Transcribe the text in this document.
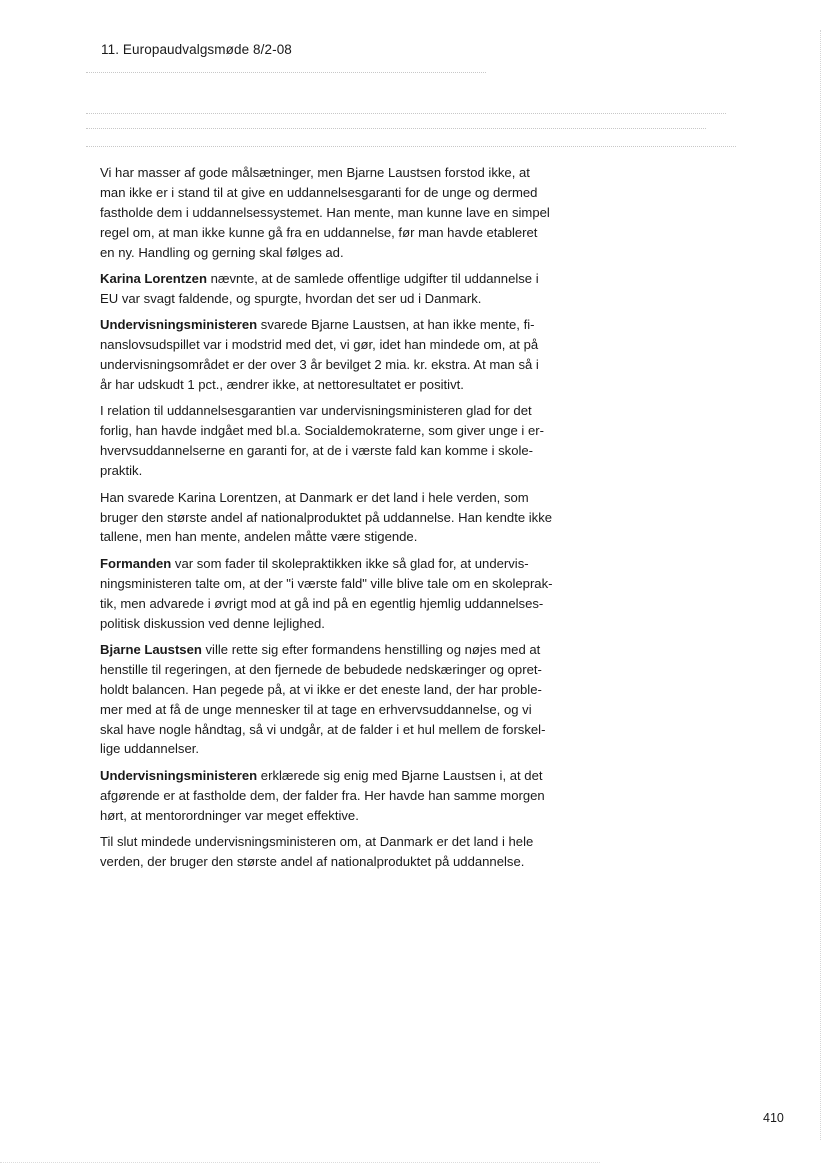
11. Europaudvalgsmøde 8/2-08

Vi har masser af gode målsætninger, men Bjarne Laustsen forstod ikke, at
man ikke er i stand til at give en uddannelsesgaranti for de unge og dermed
fastholde dem i uddannelsessystemet. Han mente, man kunne lave en simpel
regel om, at man ikke kunne gå fra en uddannelse, før man havde etableret
en ny. Handling og gerning skal følges ad.

Karina Lorentzen nævnte, at de samlede offentlige udgifter til uddannelse i
EU var svagt faldende, og spurgte, hvordan det ser ud i Danmark.

Undervisningsministeren svarede Bjarne Laustsen, at han ikke mente, fi-
nanslovsudspillet var i modstrid med det, vi gør, idet han mindede om, at på
undervisningsområdet er der over 3 år bevilget 2 mia. kr. ekstra. At man så i
år har udskudt 1 pct., ændrer ikke, at nettoresultatet er positivt.

I relation til uddannelsesgarantien var undervisningsministeren glad for det
forlig, han havde indgået med bl.a. Socialdemokraterne, som giver unge i er-
hvervsuddannelserne en garanti for, at de i værste fald kan komme i skole-
praktik.

Han svarede Karina Lorentzen, at Danmark er det land i hele verden, som
bruger den største andel af nationalproduktet på uddannelse. Han kendte ikke
tallene, men han mente, andelen måtte være stigende.

Formanden var som fader til skolepraktikken ikke så glad for, at undervis-
ningsministeren talte om, at der "i værste fald" ville blive tale om en skoleprak-
tik, men advarede i øvrigt mod at gå ind på en egentlig hjemlig uddannelses-
politisk diskussion ved denne lejlighed.

Bjarne Laustsen ville rette sig efter formandens henstilling og nøjes med at
henstille til regeringen, at den fjernede de bebudede nedskæringer og opret-
holdt balancen. Han pegede på, at vi ikke er det eneste land, der har proble-
mer med at få de unge mennesker til at tage en erhvervsuddannelse, og vi
skal have nogle håndtag, så vi undgår, at de falder i et hul mellem de forskel-
lige uddannelser.

Undervisningsministeren erklærede sig enig med Bjarne Laustsen i, at det
afgørende er at fastholde dem, der falder fra. Her havde han samme morgen
hørt, at mentorordninger var meget effektive.

Til slut mindede undervisningsministeren om, at Danmark er det land i hele
verden, der bruger den største andel af nationalproduktet på uddannelse.

410
